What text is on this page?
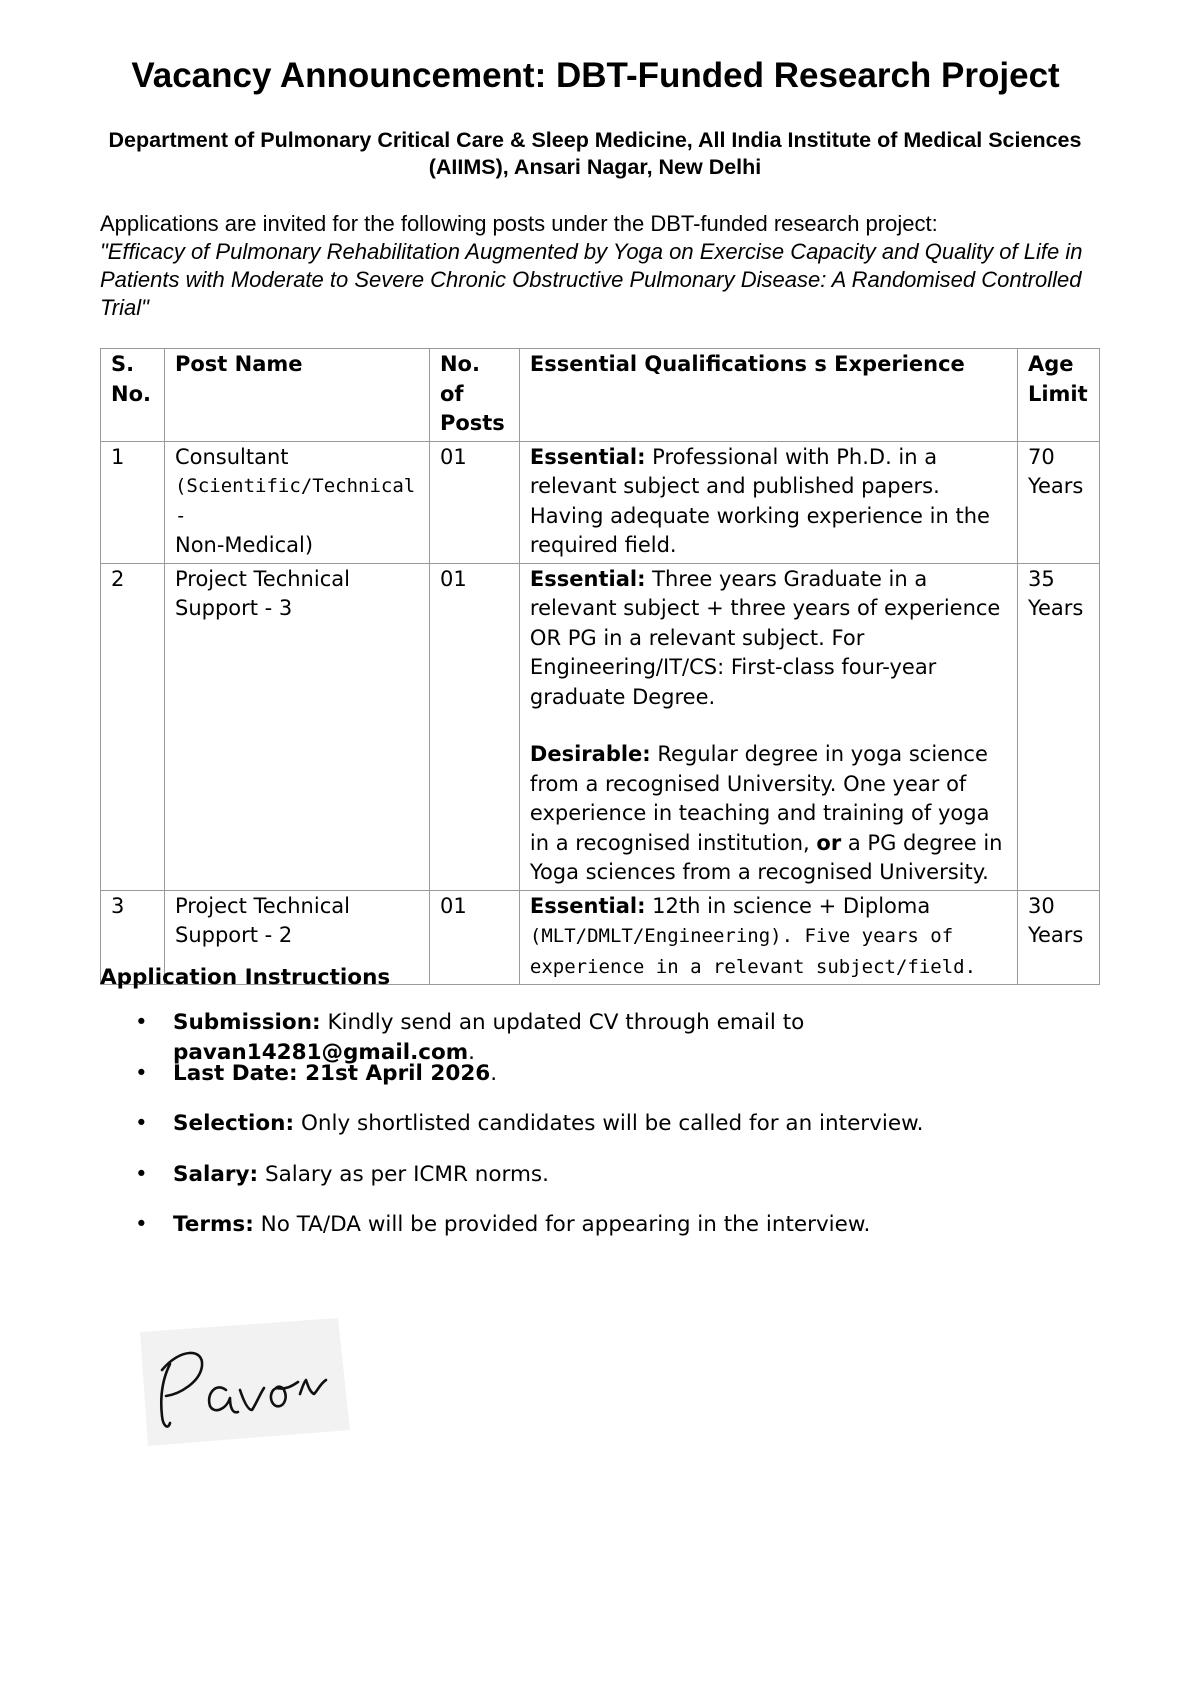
Vacancy Announcement: DBT-Funded Research Project
Department of Pulmonary Critical Care & Sleep Medicine, All India Institute of Medical Sciences (AIIMS), Ansari Nagar, New Delhi
Applications are invited for the following posts under the DBT-funded research project:
"Efficacy of Pulmonary Rehabilitation Augmented by Yoga on Exercise Capacity and Quality of Life in Patients with Moderate to Severe Chronic Obstructive Pulmonary Disease: A Randomised Controlled Trial"
S. No.	Post Name	No. of Posts	Essential Qualifications s Experience	Age Limit
1	Consultant
(Scientific/Technical -
Non-Medical)	01	Essential: Professional with Ph.D. in a relevant subject and published papers. Having adequate working experience in the required field.	70 Years
2	Project Technical Support - 3	01	Essential: Three years Graduate in a relevant subject + three years of experience OR PG in a relevant subject. For Engineering/IT/CS: First-class four-year graduate Degree.
Desirable: Regular degree in yoga science from a recognised University. One year of experience in teaching and training of yoga in a recognised institution, or a PG degree in Yoga sciences from a recognised University.	35 Years
3	Project Technical Support - 2	01	Essential: 12th in science + Diploma (MLT/DMLT/Engineering). Five years of experience in a relevant subject/field.	30 Years
Application Instructions
• Submission: Kindly send an updated CV through email to pavan14281@gmail.com.
• Last Date: 21st April 2026.
• Selection: Only shortlisted candidates will be called for an interview.
• Salary: Salary as per ICMR norms.
• Terms: No TA/DA will be provided for appearing in the interview.
